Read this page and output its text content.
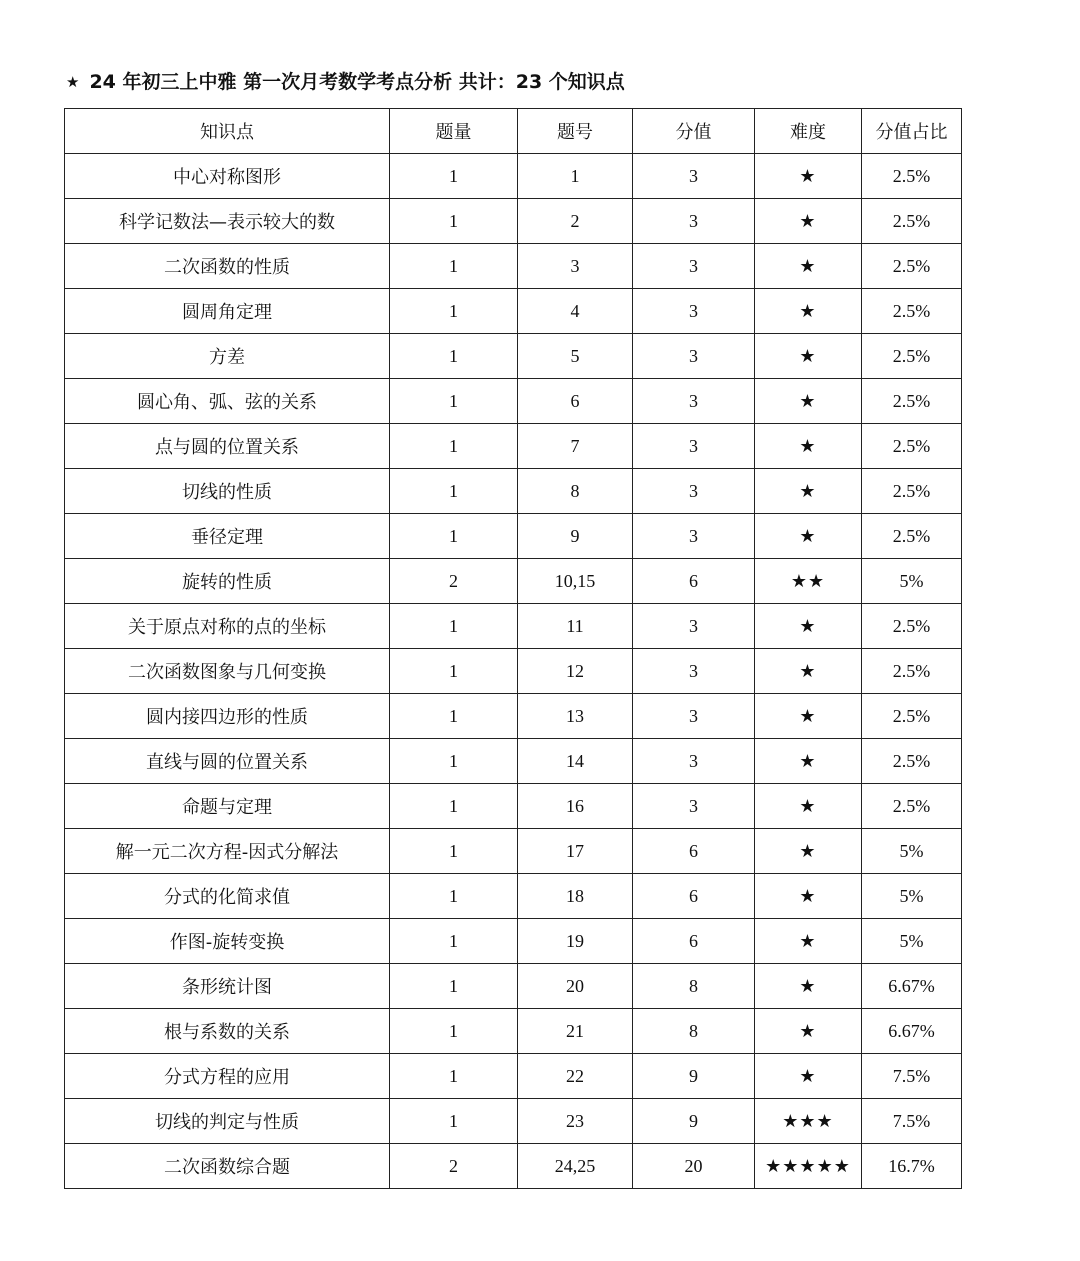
★ 24 年初三上中雅 第一次月考数学考点分析 共计：23 个知识点
知识点	题量	题号	分值	难度	分值占比
中心对称图形	1	1	3	★	2.5%
科学记数法—表示较大的数	1	2	3	★	2.5%
二次函数的性质	1	3	3	★	2.5%
圆周角定理	1	4	3	★	2.5%
方差	1	5	3	★	2.5%
圆心角、弧、弦的关系	1	6	3	★	2.5%
点与圆的位置关系	1	7	3	★	2.5%
切线的性质	1	8	3	★	2.5%
垂径定理	1	9	3	★	2.5%
旋转的性质	2	10,15	6	★★	5%
关于原点对称的点的坐标	1	11	3	★	2.5%
二次函数图象与几何变换	1	12	3	★	2.5%
圆内接四边形的性质	1	13	3	★	2.5%
直线与圆的位置关系	1	14	3	★	2.5%
命题与定理	1	16	3	★	2.5%
解一元二次方程-因式分解法	1	17	6	★	5%
分式的化简求值	1	18	6	★	5%
作图-旋转变换	1	19	6	★	5%
条形统计图	1	20	8	★	6.67%
根与系数的关系	1	21	8	★	6.67%
分式方程的应用	1	22	9	★	7.5%
切线的判定与性质	1	23	9	★★★	7.5%
二次函数综合题	2	24,25	20	★★★★★	16.7%
